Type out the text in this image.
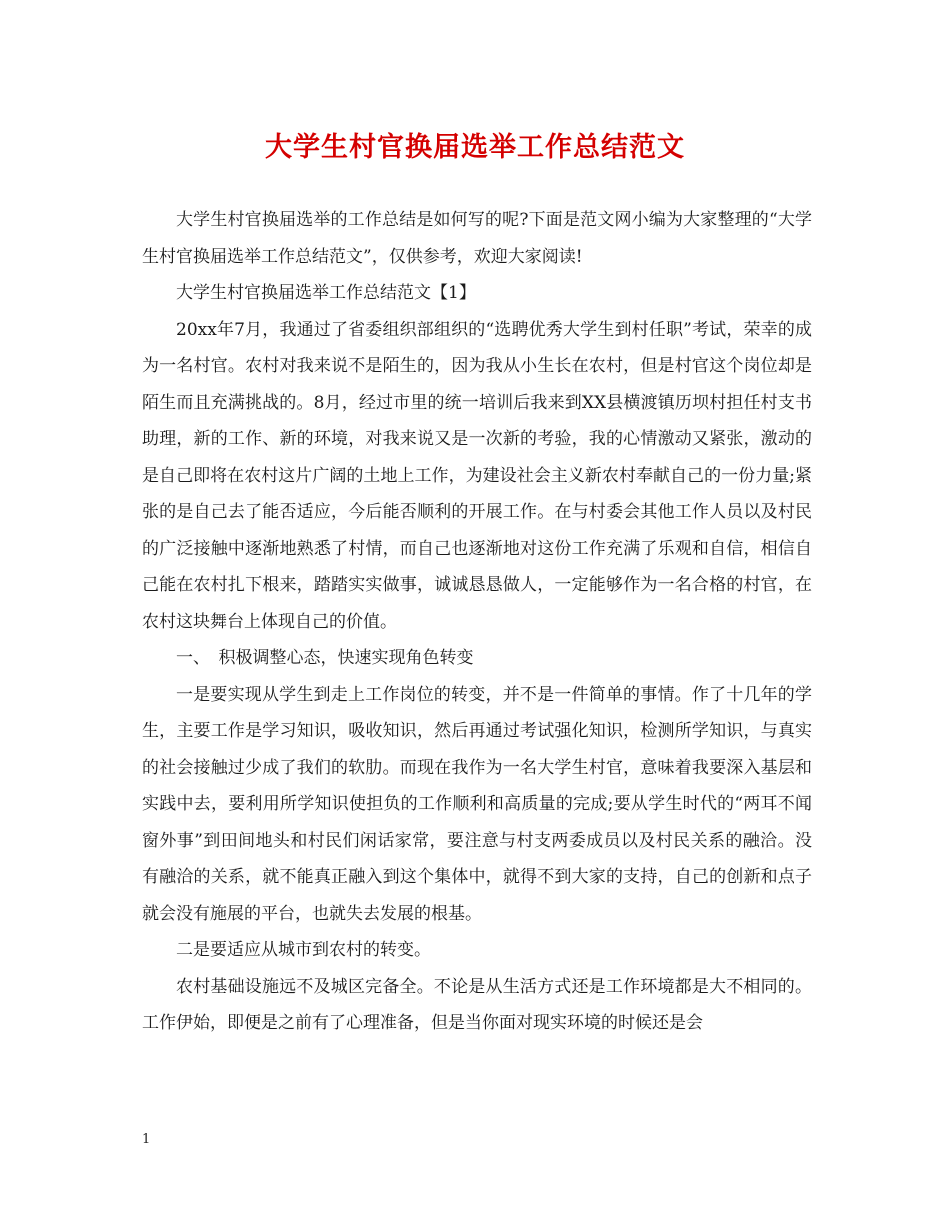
大学生村官换届选举工作总结范文

大学生村官换届选举的工作总结是如何写的呢?下面是范文网小编为大家整理的“大学生村官换届选举工作总结范文”，仅供参考，欢迎大家阅读!

大学生村官换届选举工作总结范文【1】

20xx年7月，我通过了省委组织部组织的“选聘优秀大学生到村任职”考试，荣幸的成为一名村官。农村对我来说不是陌生的，因为我从小生长在农村，但是村官这个岗位却是陌生而且充满挑战的。8月，经过市里的统一培训后我来到XX县横渡镇历坝村担任村支书助理，新的工作、新的环境，对我来说又是一次新的考验，我的心情激动又紧张，激动的是自己即将在农村这片广阔的土地上工作，为建设社会主义新农村奉献自己的一份力量;紧张的是自己去了能否适应，今后能否顺利的开展工作。在与村委会其他工作人员以及村民的广泛接触中逐渐地熟悉了村情，而自己也逐渐地对这份工作充满了乐观和自信，相信自己能在农村扎下根来，踏踏实实做事，诚诚恳恳做人，一定能够作为一名合格的村官，在农村这块舞台上体现自己的价值。

一、　积极调整心态，快速实现角色转变

一是要实现从学生到走上工作岗位的转变，并不是一件简单的事情。作了十几年的学生，主要工作是学习知识，吸收知识，然后再通过考试强化知识，检测所学知识，与真实的社会接触过少成了我们的软肋。而现在我作为一名大学生村官，意味着我要深入基层和实践中去，要利用所学知识使担负的工作顺利和高质量的完成;要从学生时代的“两耳不闻窗外事”到田间地头和村民们闲话家常，要注意与村支两委成员以及村民关系的融洽。没有融洽的关系，就不能真正融入到这个集体中，就得不到大家的支持，自己的创新和点子就会没有施展的平台，也就失去发展的根基。

二是要适应从城市到农村的转变。

农村基础设施远不及城区完备全。不论是从生活方式还是工作环境都是大不相同的。工作伊始，即便是之前有了心理准备，但是当你面对现实环境的时候还是会

1
